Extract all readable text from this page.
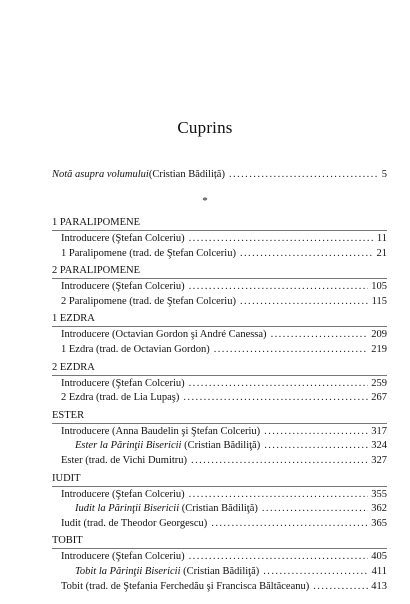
Cuprins
Notă asupra volumului (Cristian Bădiliță) . . .	5
*
1 PARALIPOMENE
Introducere (Ştefan Colceriu) . . .	11
1 Paralipomene (trad. de Ştefan Colceriu) . . .	21
2 PARALIPOMENE
Introducere (Ştefan Colceriu) . . .	105
2 Paralipomene (trad. de Ştefan Colceriu) . . .	115
1 EZDRA
Introducere (Octavian Gordon şi André Canessa) . . .	209
1 Ezdra (trad. de Octavian Gordon) . . .	219
2 EZDRA
Introducere (Ştefan Colceriu) . . .	259
2 Ezdra (trad. de Lia Lupaş) . . .	267
ESTER
Introducere (Anna Baudelin şi Ştefan Colceriu) . . .	317
Ester la Părinţii Bisericii (Cristian Bădiliţă) . . .	324
Ester (trad. de Vichi Dumitru) . . .	327
IUDIT
Introducere (Ştefan Colceriu) . . .	355
Iudit la Părinţii Bisericii (Cristian Bădiliţă) . . .	362
Iudit (trad. de Theodor Georgescu) . . .	365
TOBIT
Introducere (Ştefan Colceriu) . . .	405
Tobit la Părinţii Bisericii (Cristian Bădiliţă) . . .	411
Tobit (trad. de Ştefania Ferchedău şi Francisca Băltăceanu) . . .	413
